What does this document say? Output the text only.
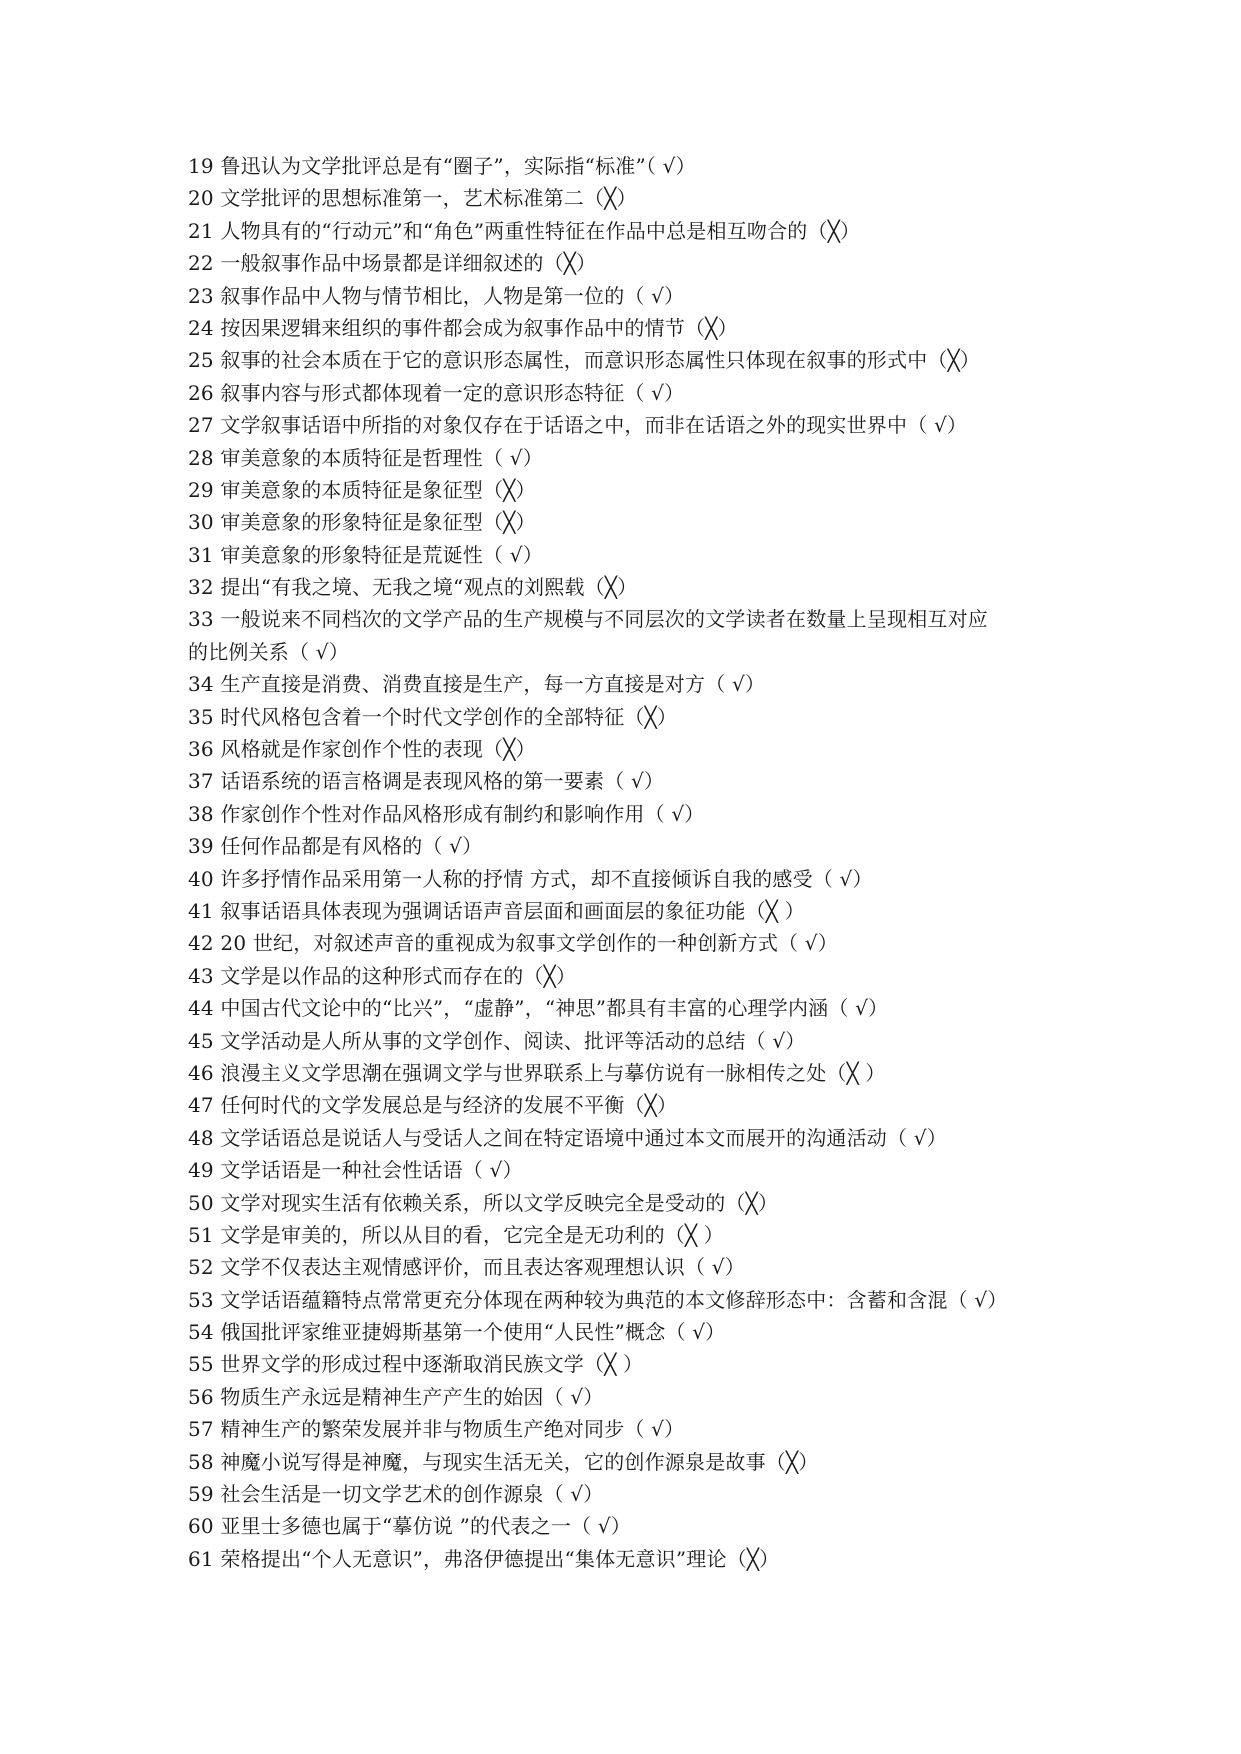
19 鲁迅认为文学批评总是有“圈子”，实际指“标准”（ √）
20 文学批评的思想标准第一，艺术标准第二（╳）
21 人物具有的“行动元”和“角色”两重性特征在作品中总是相互吻合的（╳）
22 一般叙事作品中场景都是详细叙述的（╳）
23 叙事作品中人物与情节相比，人物是第一位的（ √）
24 按因果逻辑来组织的事件都会成为叙事作品中的情节（╳）
25 叙事的社会本质在于它的意识形态属性，而意识形态属性只体现在叙事的形式中（╳）
26 叙事内容与形式都体现着一定的意识形态特征（ √）
27 文学叙事话语中所指的对象仅存在于话语之中，而非在话语之外的现实世界中（ √）
28 审美意象的本质特征是哲理性（ √）
29 审美意象的本质特征是象征型（╳）
30 审美意象的形象特征是象征型（╳）
31 审美意象的形象特征是荒诞性（ √）
32 提出“有我之境、无我之境“观点的刘熙载（╳）
33 一般说来不同档次的文学产品的生产规模与不同层次的文学读者在数量上呈现相互对应
的比例关系（ √）
34 生产直接是消费、消费直接是生产，每一方直接是对方（ √）
35 时代风格包含着一个时代文学创作的全部特征（╳）
36 风格就是作家创作个性的表现（╳）
37 话语系统的语言格调是表现风格的第一要素（ √）
38 作家创作个性对作品风格形成有制约和影响作用（ √）
39 任何作品都是有风格的（ √）
40 许多抒情作品采用第一人称的抒情 方式，却不直接倾诉自我的感受（ √）
41 叙事话语具体表现为强调话语声音层面和画面层的象征功能（╳ ）
42 20 世纪，对叙述声音的重视成为叙事文学创作的一种创新方式（ √）
43 文学是以作品的这种形式而存在的（╳）
44 中国古代文论中的“比兴”，“虚静”，“神思”都具有丰富的心理学内涵（ √）
45 文学活动是人所从事的文学创作、阅读、批评等活动的总结（ √）
46 浪漫主义文学思潮在强调文学与世界联系上与摹仿说有一脉相传之处（╳ ）
47 任何时代的文学发展总是与经济的发展不平衡（╳）
48 文学话语总是说话人与受话人之间在特定语境中通过本文而展开的沟通活动（ √）
49 文学话语是一种社会性话语（ √）
50 文学对现实生活有依赖关系，所以文学反映完全是受动的（╳）
51 文学是审美的，所以从目的看，它完全是无功利的（╳ ）
52 文学不仅表达主观情感评价，而且表达客观理想认识（ √）
53 文学话语蕴籍特点常常更充分体现在两种较为典范的本文修辞形态中：含蓄和含混（ √）
54 俄国批评家维亚捷姆斯基第一个使用“人民性”概念（ √）
55 世界文学的形成过程中逐渐取消民族文学（╳ ）
56 物质生产永远是精神生产产生的始因（ √）
57 精神生产的繁荣发展并非与物质生产绝对同步（ √）
58 神魔小说写得是神魔，与现实生活无关，它的创作源泉是故事（╳）
59 社会生活是一切文学艺术的创作源泉（ √）
60 亚里士多德也属于“摹仿说 ”的代表之一（ √）
61 荣格提出“个人无意识”，弗洛伊德提出“集体无意识”理论（╳）
